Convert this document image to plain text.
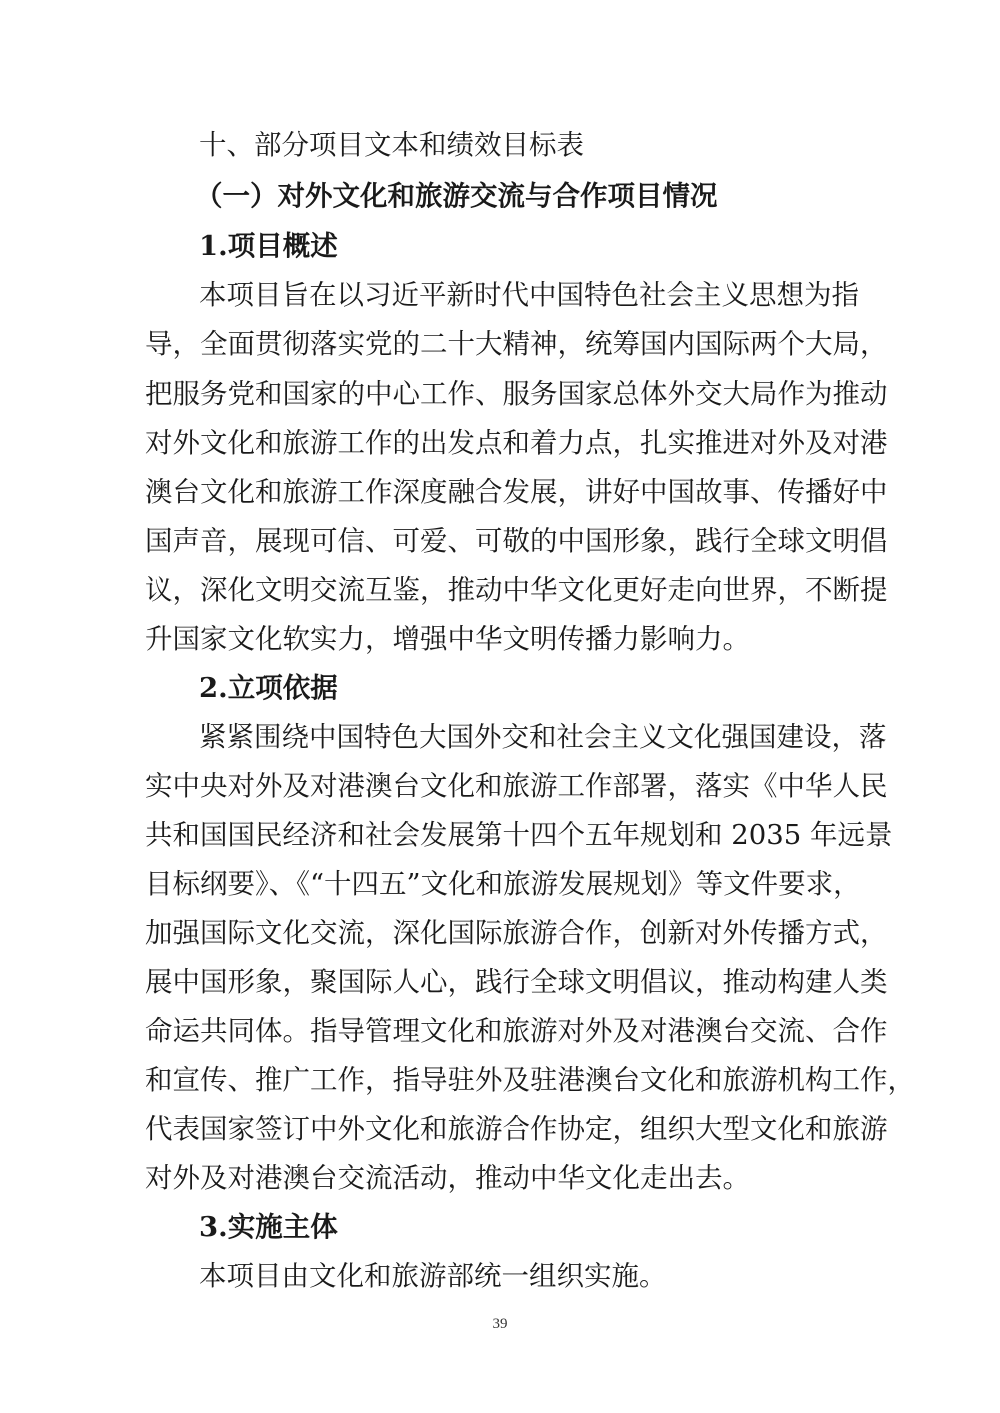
十、部分项目文本和绩效目标表
（一）对外文化和旅游交流与合作项目情况
1.项目概述
本项目旨在以习近平新时代中国特色社会主义思想为指
导，全面贯彻落实党的二十大精神，统筹国内国际两个大局，
把服务党和国家的中心工作、服务国家总体外交大局作为推动
对外文化和旅游工作的出发点和着力点，扎实推进对外及对港
澳台文化和旅游工作深度融合发展，讲好中国故事、传播好中
国声音，展现可信、可爱、可敬的中国形象，践行全球文明倡
议，深化文明交流互鉴，推动中华文化更好走向世界，不断提
升国家文化软实力，增强中华文明传播力影响力。
2.立项依据
紧紧围绕中国特色大国外交和社会主义文化强国建设，落
实中央对外及对港澳台文化和旅游工作部署，落实《中华人民
共和国国民经济和社会发展第十四个五年规划和 2035 年远景
目标纲要》、《“十四五”文化和旅游发展规划》等文件要求，
加强国际文化交流，深化国际旅游合作，创新对外传播方式，
展中国形象，聚国际人心，践行全球文明倡议，推动构建人类
命运共同体。指导管理文化和旅游对外及对港澳台交流、合作
和宣传、推广工作，指导驻外及驻港澳台文化和旅游机构工作，
代表国家签订中外文化和旅游合作协定，组织大型文化和旅游
对外及对港澳台交流活动，推动中华文化走出去。
3.实施主体
本项目由文化和旅游部统一组织实施。
39
